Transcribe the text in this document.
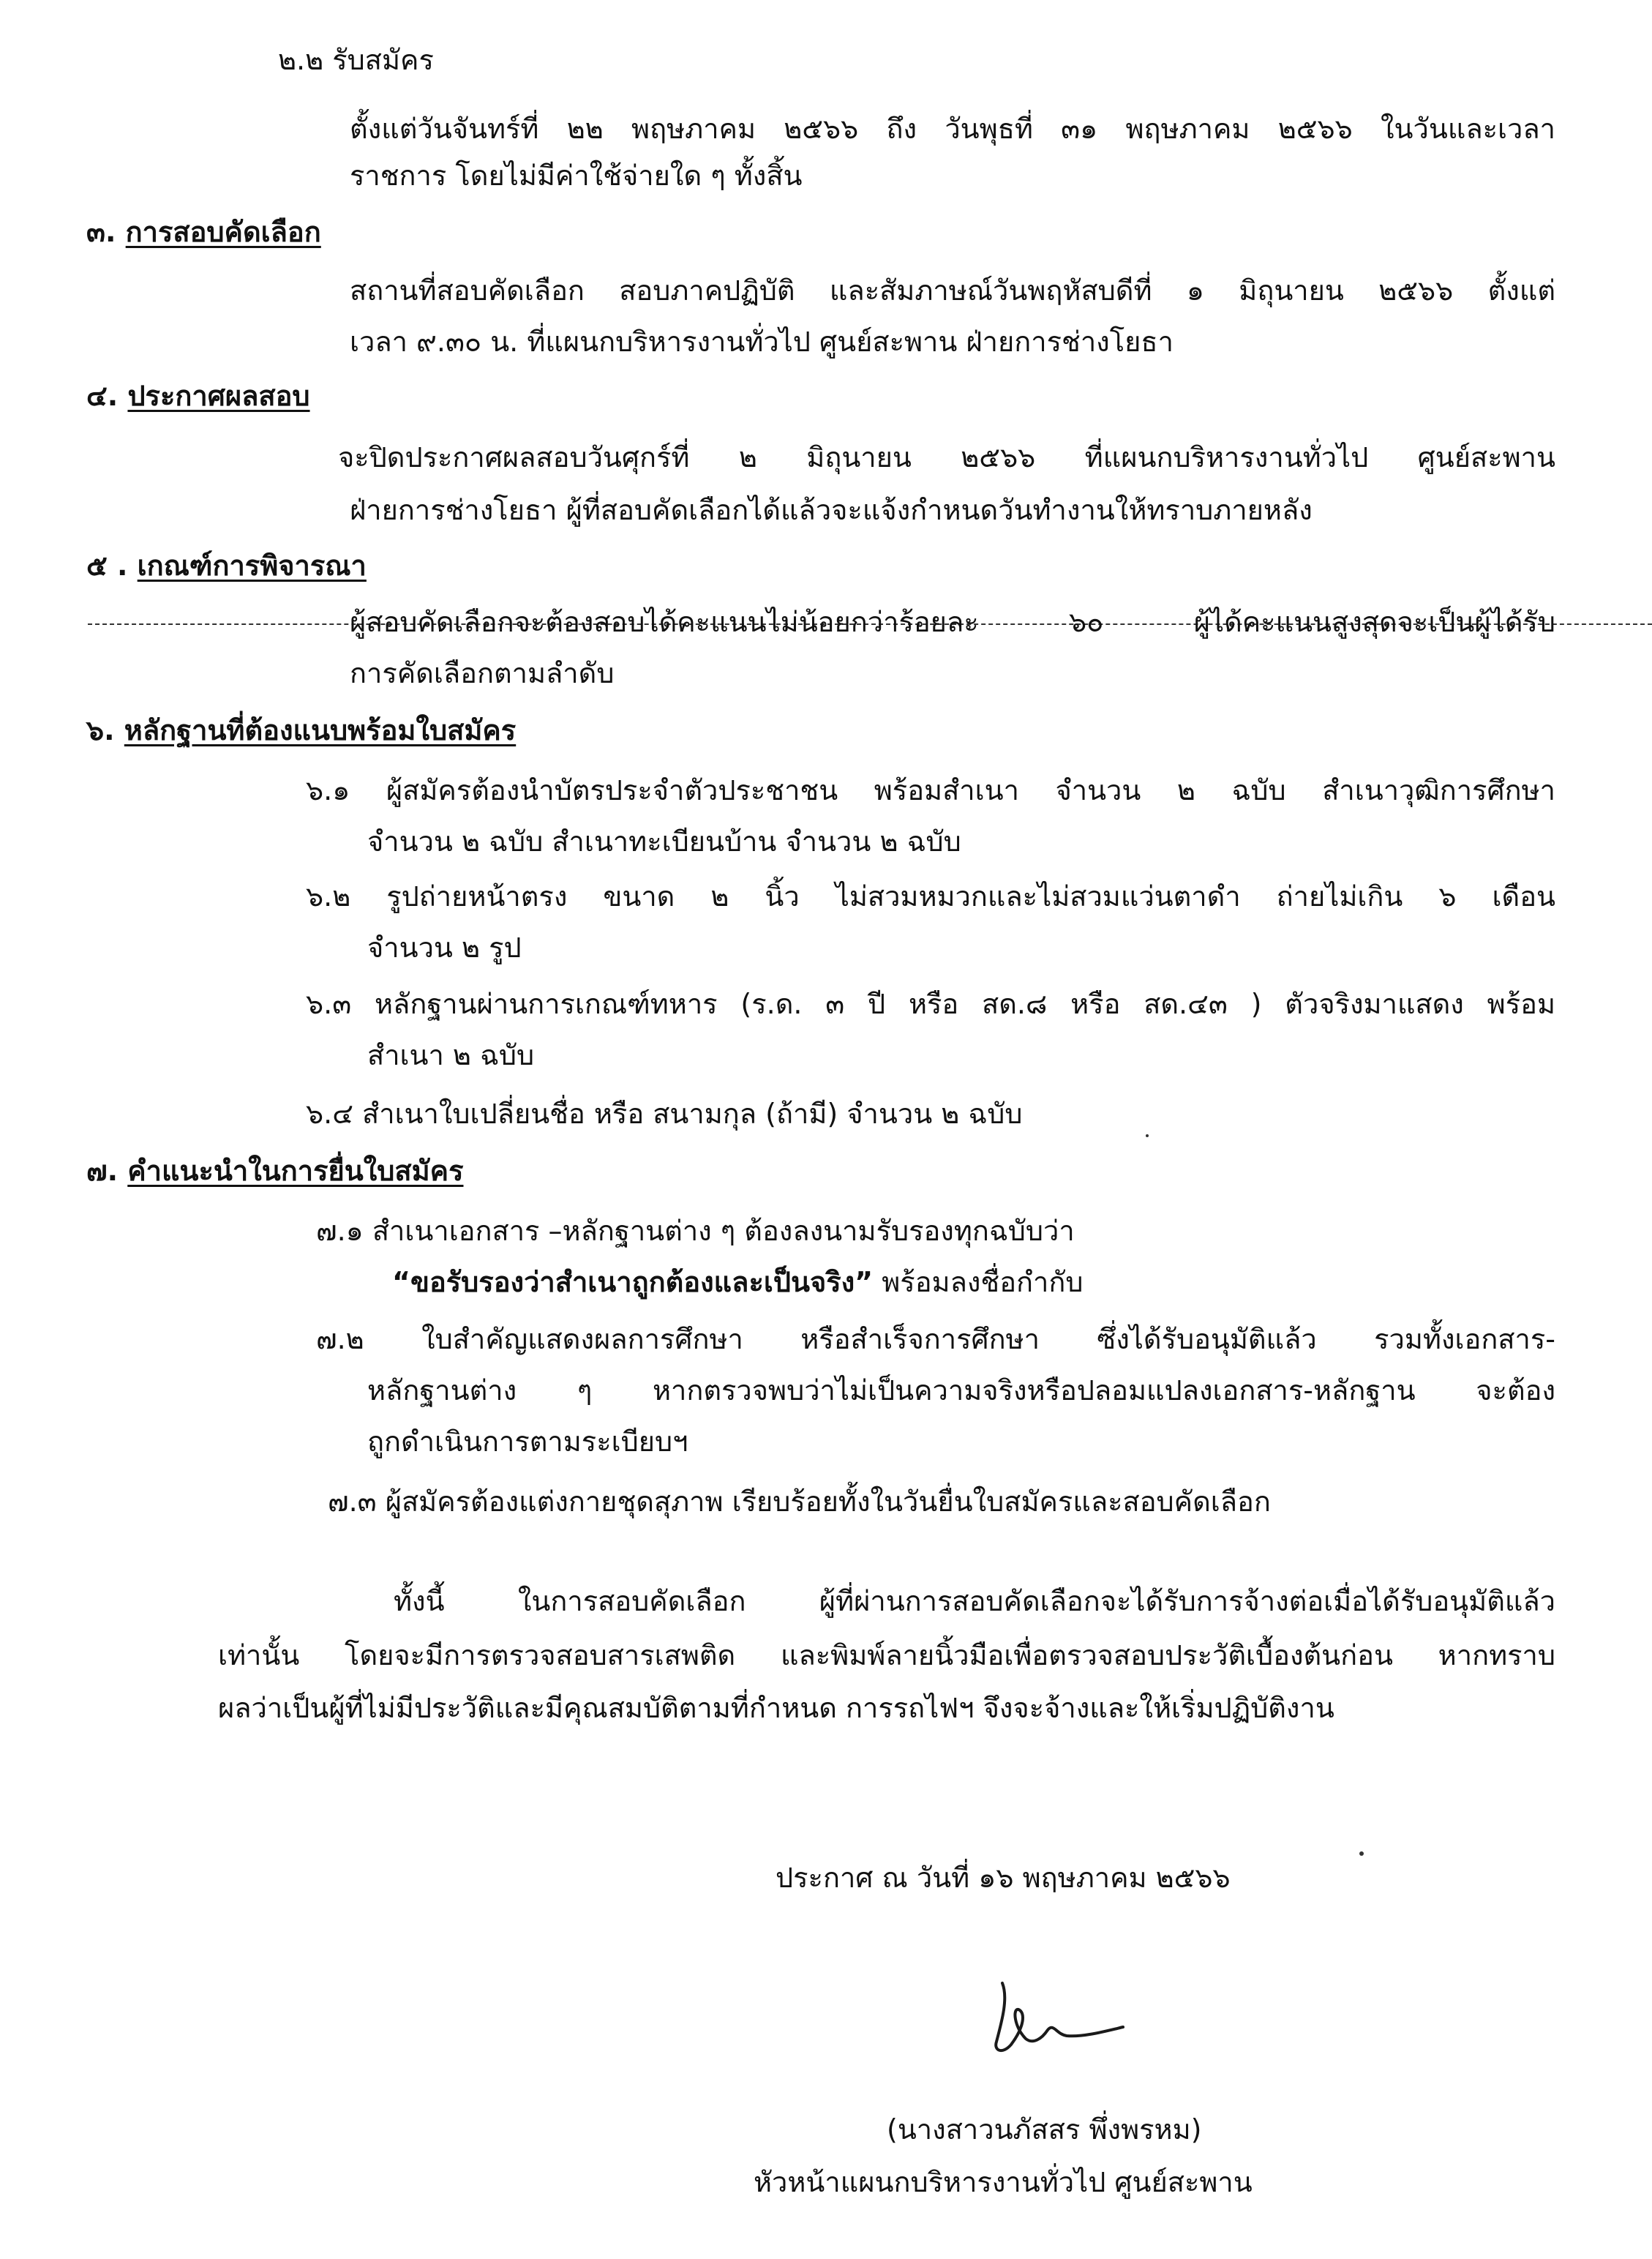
๒.๒ รับสมัคร
ตั้งแต่วันจันทร์ที่ ๒๒ พฤษภาคม ๒๕๖๖ ถึง วันพุธที่ ๓๑ พฤษภาคม ๒๕๖๖ ในวันและเวลา
ราชการ โดยไม่มีค่าใช้จ่ายใด ๆ ทั้งสิ้น
๓. การสอบคัดเลือก
สถานที่สอบคัดเลือก สอบภาคปฏิบัติ และสัมภาษณ์วันพฤหัสบดีที่ ๑ มิถุนายน ๒๕๖๖ ตั้งแต่
เวลา ๙.๓๐ น. ที่แผนกบริหารงานทั่วไป ศูนย์สะพาน ฝ่ายการช่างโยธา
๔. ประกาศผลสอบ
จะปิดประกาศผลสอบวันศุกร์ที่ ๒ มิถุนายน ๒๕๖๖ ที่แผนกบริหารงานทั่วไป ศูนย์สะพาน
ฝ่ายการช่างโยธา ผู้ที่สอบคัดเลือกได้แล้วจะแจ้งกำหนดวันทำงานให้ทราบภายหลัง
๕ . เกณฑ์การพิจารณา
ผู้สอบคัดเลือกจะต้องสอบได้คะแนนไม่น้อยกว่าร้อยละ ๖๐ ผู้ได้คะแนนสูงสุดจะเป็นผู้ได้รับ
การคัดเลือกตามลำดับ
๖. หลักฐานที่ต้องแนบพร้อมใบสมัคร
๖.๑ ผู้สมัครต้องนำบัตรประจำตัวประชาชน พร้อมสำเนา จำนวน ๒ ฉบับ สำเนาวุฒิการศึกษา
จำนวน ๒ ฉบับ สำเนาทะเบียนบ้าน จำนวน ๒ ฉบับ
๖.๒ รูปถ่ายหน้าตรง ขนาด ๒ นิ้ว ไม่สวมหมวกและไม่สวมแว่นตาดำ ถ่ายไม่เกิน ๖ เดือน
จำนวน ๒ รูป
๖.๓ หลักฐานผ่านการเกณฑ์ทหาร (ร.ด. ๓ ปี หรือ สด.๘ หรือ สด.๔๓ ) ตัวจริงมาแสดง พร้อม
สำเนา ๒ ฉบับ
๖.๔ สำเนาใบเปลี่ยนชื่อ หรือ สนามกุล (ถ้ามี) จำนวน ๒ ฉบับ
๗. คำแนะนำในการยื่นใบสมัคร
๗.๑ สำเนาเอกสาร –หลักฐานต่าง ๆ ต้องลงนามรับรองทุกฉบับว่า
“ขอรับรองว่าสำเนาถูกต้องและเป็นจริง” พร้อมลงชื่อกำกับ
๗.๒ ใบสำคัญแสดงผลการศึกษา หรือสำเร็จการศึกษา ซึ่งได้รับอนุมัติแล้ว รวมทั้งเอกสาร-
หลักฐานต่าง ๆ หากตรวจพบว่าไม่เป็นความจริงหรือปลอมแปลงเอกสาร-หลักฐาน จะต้อง
ถูกดำเนินการตามระเบียบฯ
๗.๓ ผู้สมัครต้องแต่งกายชุดสุภาพ เรียบร้อยทั้งในวันยื่นใบสมัครและสอบคัดเลือก
ทั้งนี้ ในการสอบคัดเลือก ผู้ที่ผ่านการสอบคัดเลือกจะได้รับการจ้างต่อเมื่อได้รับอนุมัติแล้ว
เท่านั้น โดยจะมีการตรวจสอบสารเสพติด และพิมพ์ลายนิ้วมือเพื่อตรวจสอบประวัติเบื้องต้นก่อน หากทราบ
ผลว่าเป็นผู้ที่ไม่มีประวัติและมีคุณสมบัติตามที่กำหนด การรถไฟฯ จึงจะจ้างและให้เริ่มปฏิบัติงาน
ประกาศ ณ วันที่ ๑๖ พฤษภาคม ๒๕๖๖
(นางสาวนภัสสร พึ่งพรหม)
หัวหน้าแผนกบริหารงานทั่วไป ศูนย์สะพาน
